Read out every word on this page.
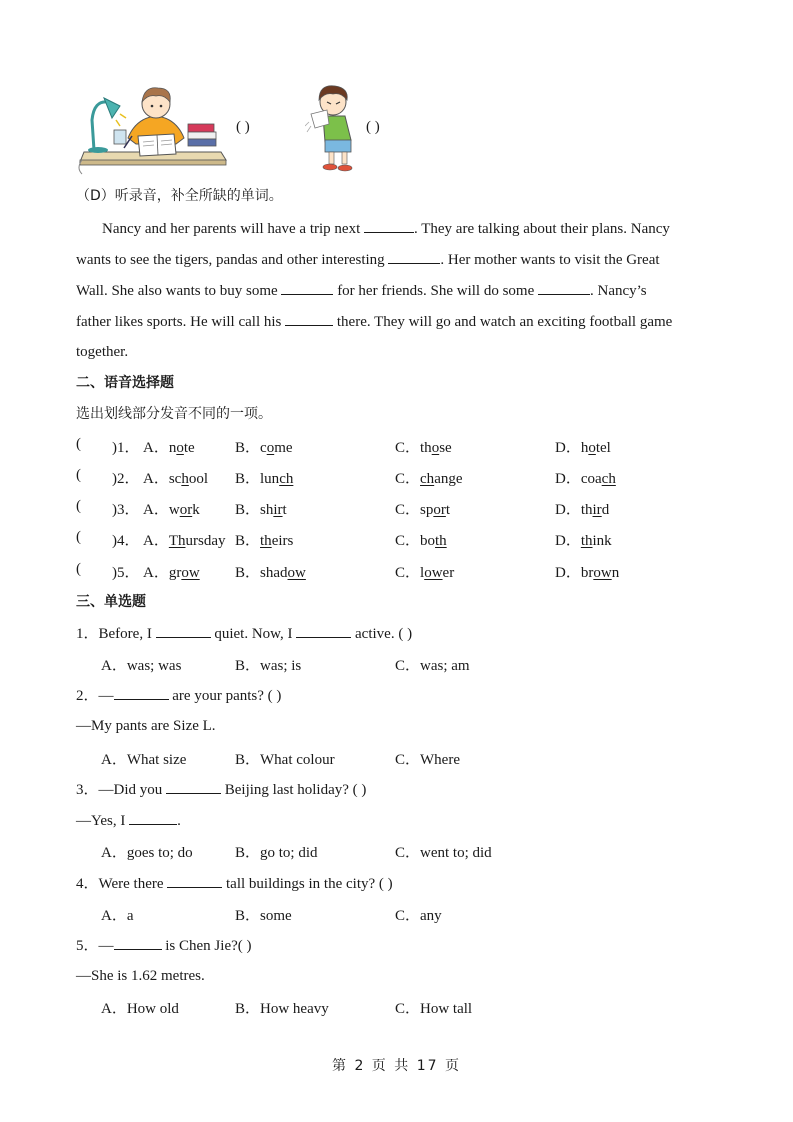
( )	( )
（D）听录音，补全所缺的单词。
Nancy and her parents will have a trip next	. They are talking about their plans. Nancy
wants to see the tigers, pandas and other interesting	. Her mother wants to visit the Great
Wall. She also wants to buy some	for her friends. She will do some	. Nancy’s
father likes sports. He will call his	there. They will go and watch an exciting football game
together.
二、语音选择题
选出划线部分发音不同的一项。
( )1． A．note	B．come	C．those	D．hotel
( )2． A．school B．lunch	C．change	D．coach
( )3． A．work B．shirt	C．sport	D．third
( )4． A．Thursday B．theirs	C．both	D．think
( )5． A．grow B．shadow	C．lower	D．brown
三、单选题
1．Before, I	quiet. Now, I	active. ( )
A．was; was	B．was; is	C．was; am
2．—	are your pants? ( )
—My pants are Size L.
A．What size	B．What colour	C．Where
3．—Did you	Beijing last holiday? ( )
—Yes, I	.
A．goes to; do	B．go to; did	C．went to; did
4．Were there	tall buildings in the city? ( )
A．a	B．some	C．any
5．—	is Chen Jie?( )
—She is 1.62 metres.
A．How old	B．How heavy	C．How tall
第 2 页 共 17 页
